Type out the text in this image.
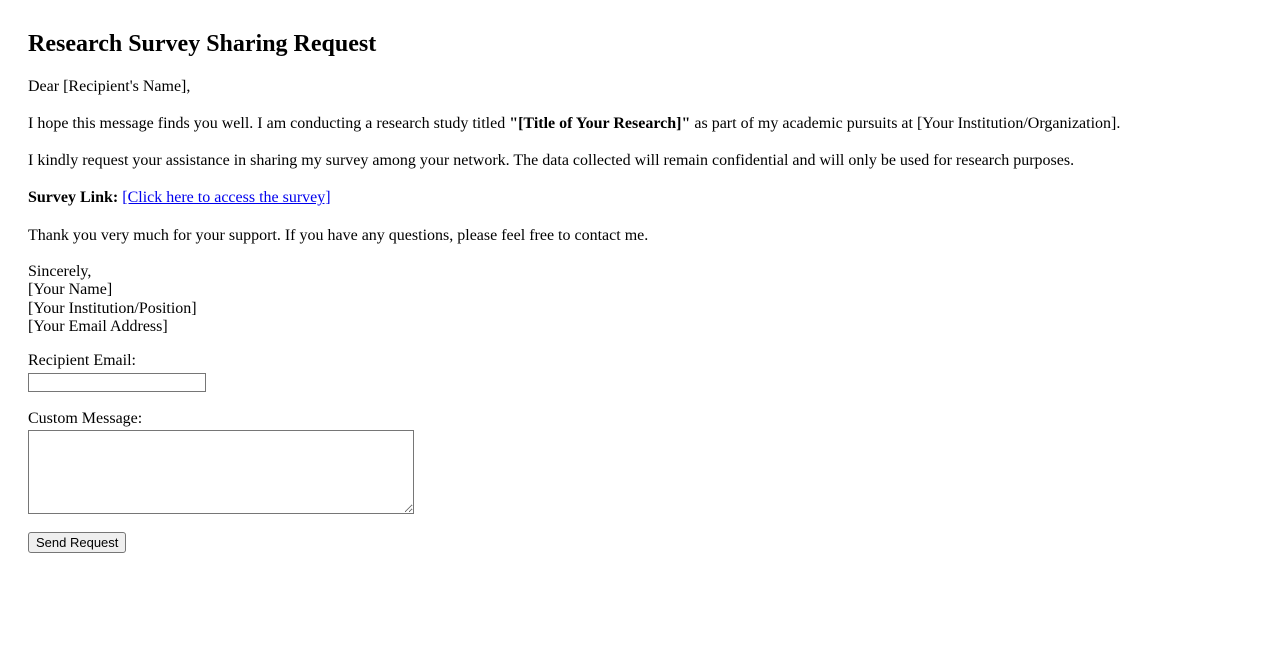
Research Survey Sharing Request

Dear [Recipient's Name],

I hope this message finds you well. I am conducting a research study titled "[Title of Your Research]" as part of my academic pursuits at [Your Institution/Organization].

I kindly request your assistance in sharing my survey among your network. The data collected will remain confidential and will only be used for research purposes.

Survey Link: [Click here to access the survey]

Thank you very much for your support. If you have any questions, please feel free to contact me.

Sincerely,
[Your Name]
[Your Institution/Position]
[Your Email Address]
Recipient Email:
Custom Message:
Send Request
